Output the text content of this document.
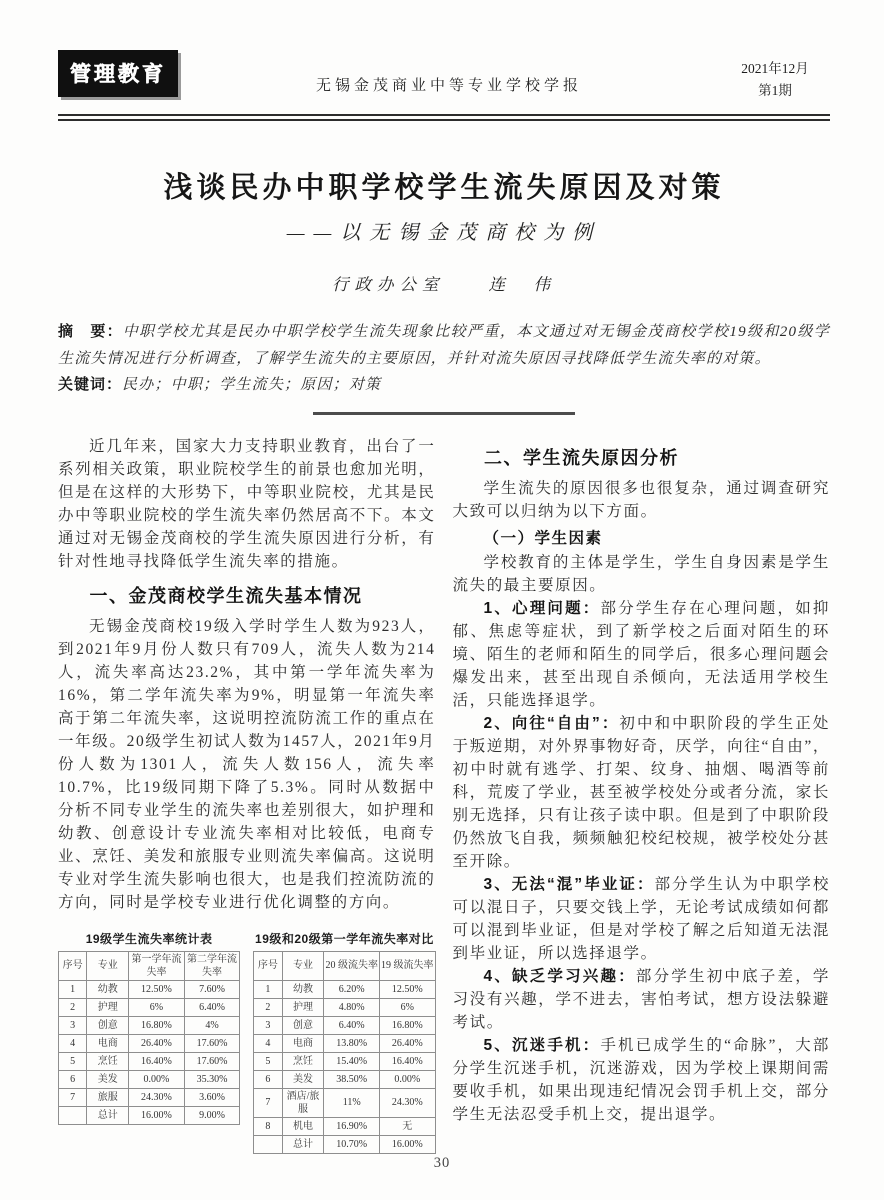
管理教育	无锡金茂商业中等专业学校学报
2021年12月
第1期
浅谈民办中职学校学生流失原因及对策
——以无锡金茂商校为例
行政办公室	连　伟
摘　要：中职学校尤其是民办中职学校学生流失现象比较严重，本文通过对无锡金茂商校学校19级和20级学生流失情况进行分析调查，了解学生流失的主要原因，并针对流失原因寻找降低学生流失率的对策。
关键词：民办；中职；学生流失；原因；对策

近几年来，国家大力支持职业教育，出台了一系列相关政策，职业院校学生的前景也愈加光明，但是在这样的大形势下，中等职业院校，尤其是民办中等职业院校的学生流失率仍然居高不下。本文通过对无锡金茂商校的学生流失原因进行分析，有针对性地寻找降低学生流失率的措施。

一、金茂商校学生流失基本情况

无锡金茂商校19级入学时学生人数为923人，到2021年9月份人数只有709人，流失人数为214人，流失率高达23.2%，其中第一学年流失率为16%，第二学年流失率为9%，明显第一年流失率高于第二年流失率，这说明控流防流工作的重点在一年级。20级学生初试人数为1457人，2021年9月份人数为1301人，流失人数156人，流失率10.7%，比19级同期下降了5.3%。同时从数据中分析不同专业学生的流失率也差别很大，如护理和幼教、创意设计专业流失率相对比较低，电商专业、烹饪、美发和旅服专业则流失率偏高。这说明专业对学生流失影响也很大，也是我们控流防流的方向，同时是学校专业进行优化调整的方向。

19级学生流失率统计表
序号	专业	第一学年流失率	第二学年流失率
1	幼教	12.50%	7.60%
2	护理	6%	6.40%
3	创意	16.80%	4%
4	电商	26.40%	17.60%
5	烹饪	16.40%	17.60%
6	美发	0.00%	35.30%
7	旅服	24.30%	3.60%
	总计	16.00%	9.00%
19级和20级第一学年流失率对比
序号	专业	20 级流失率	19 级流失率
1	幼教	6.20%	12.50%
2	护理	4.80%	6%
3	创意	6.40%	16.80%
4	电商	13.80%	26.40%
5	烹饪	15.40%	16.40%
6	美发	38.50%	0.00%
7	酒店/旅服	11%	24.30%
8	机电	16.90%	无
	总计	10.70%	16.00%
二、学生流失原因分析

学生流失的原因很多也很复杂，通过调查研究大致可以归纳为以下方面。

（一）学生因素

学校教育的主体是学生，学生自身因素是学生流失的最主要原因。

1、心理问题：部分学生存在心理问题，如抑郁、焦虑等症状，到了新学校之后面对陌生的环境、陌生的老师和陌生的同学后，很多心理问题会爆发出来，甚至出现自杀倾向，无法适用学校生活，只能选择退学。

2、向往“自由”：初中和中职阶段的学生正处于叛逆期，对外界事物好奇，厌学，向往“自由”，初中时就有逃学、打架、纹身、抽烟、喝酒等前科，荒废了学业，甚至被学校处分或者分流，家长别无选择，只有让孩子读中职。但是到了中职阶段仍然放飞自我，频频触犯校纪校规，被学校处分甚至开除。

3、无法“混”毕业证：部分学生认为中职学校可以混日子，只要交钱上学，无论考试成绩如何都可以混到毕业证，但是对学校了解之后知道无法混到毕业证，所以选择退学。

4、缺乏学习兴趣：部分学生初中底子差，学习没有兴趣，学不进去，害怕考试，想方设法躲避考试。

5、沉迷手机：手机已成学生的“命脉”，大部分学生沉迷手机，沉迷游戏，因为学校上课期间需要收手机，如果出现违纪情况会罚手机上交，部分学生无法忍受手机上交，提出退学。

30
